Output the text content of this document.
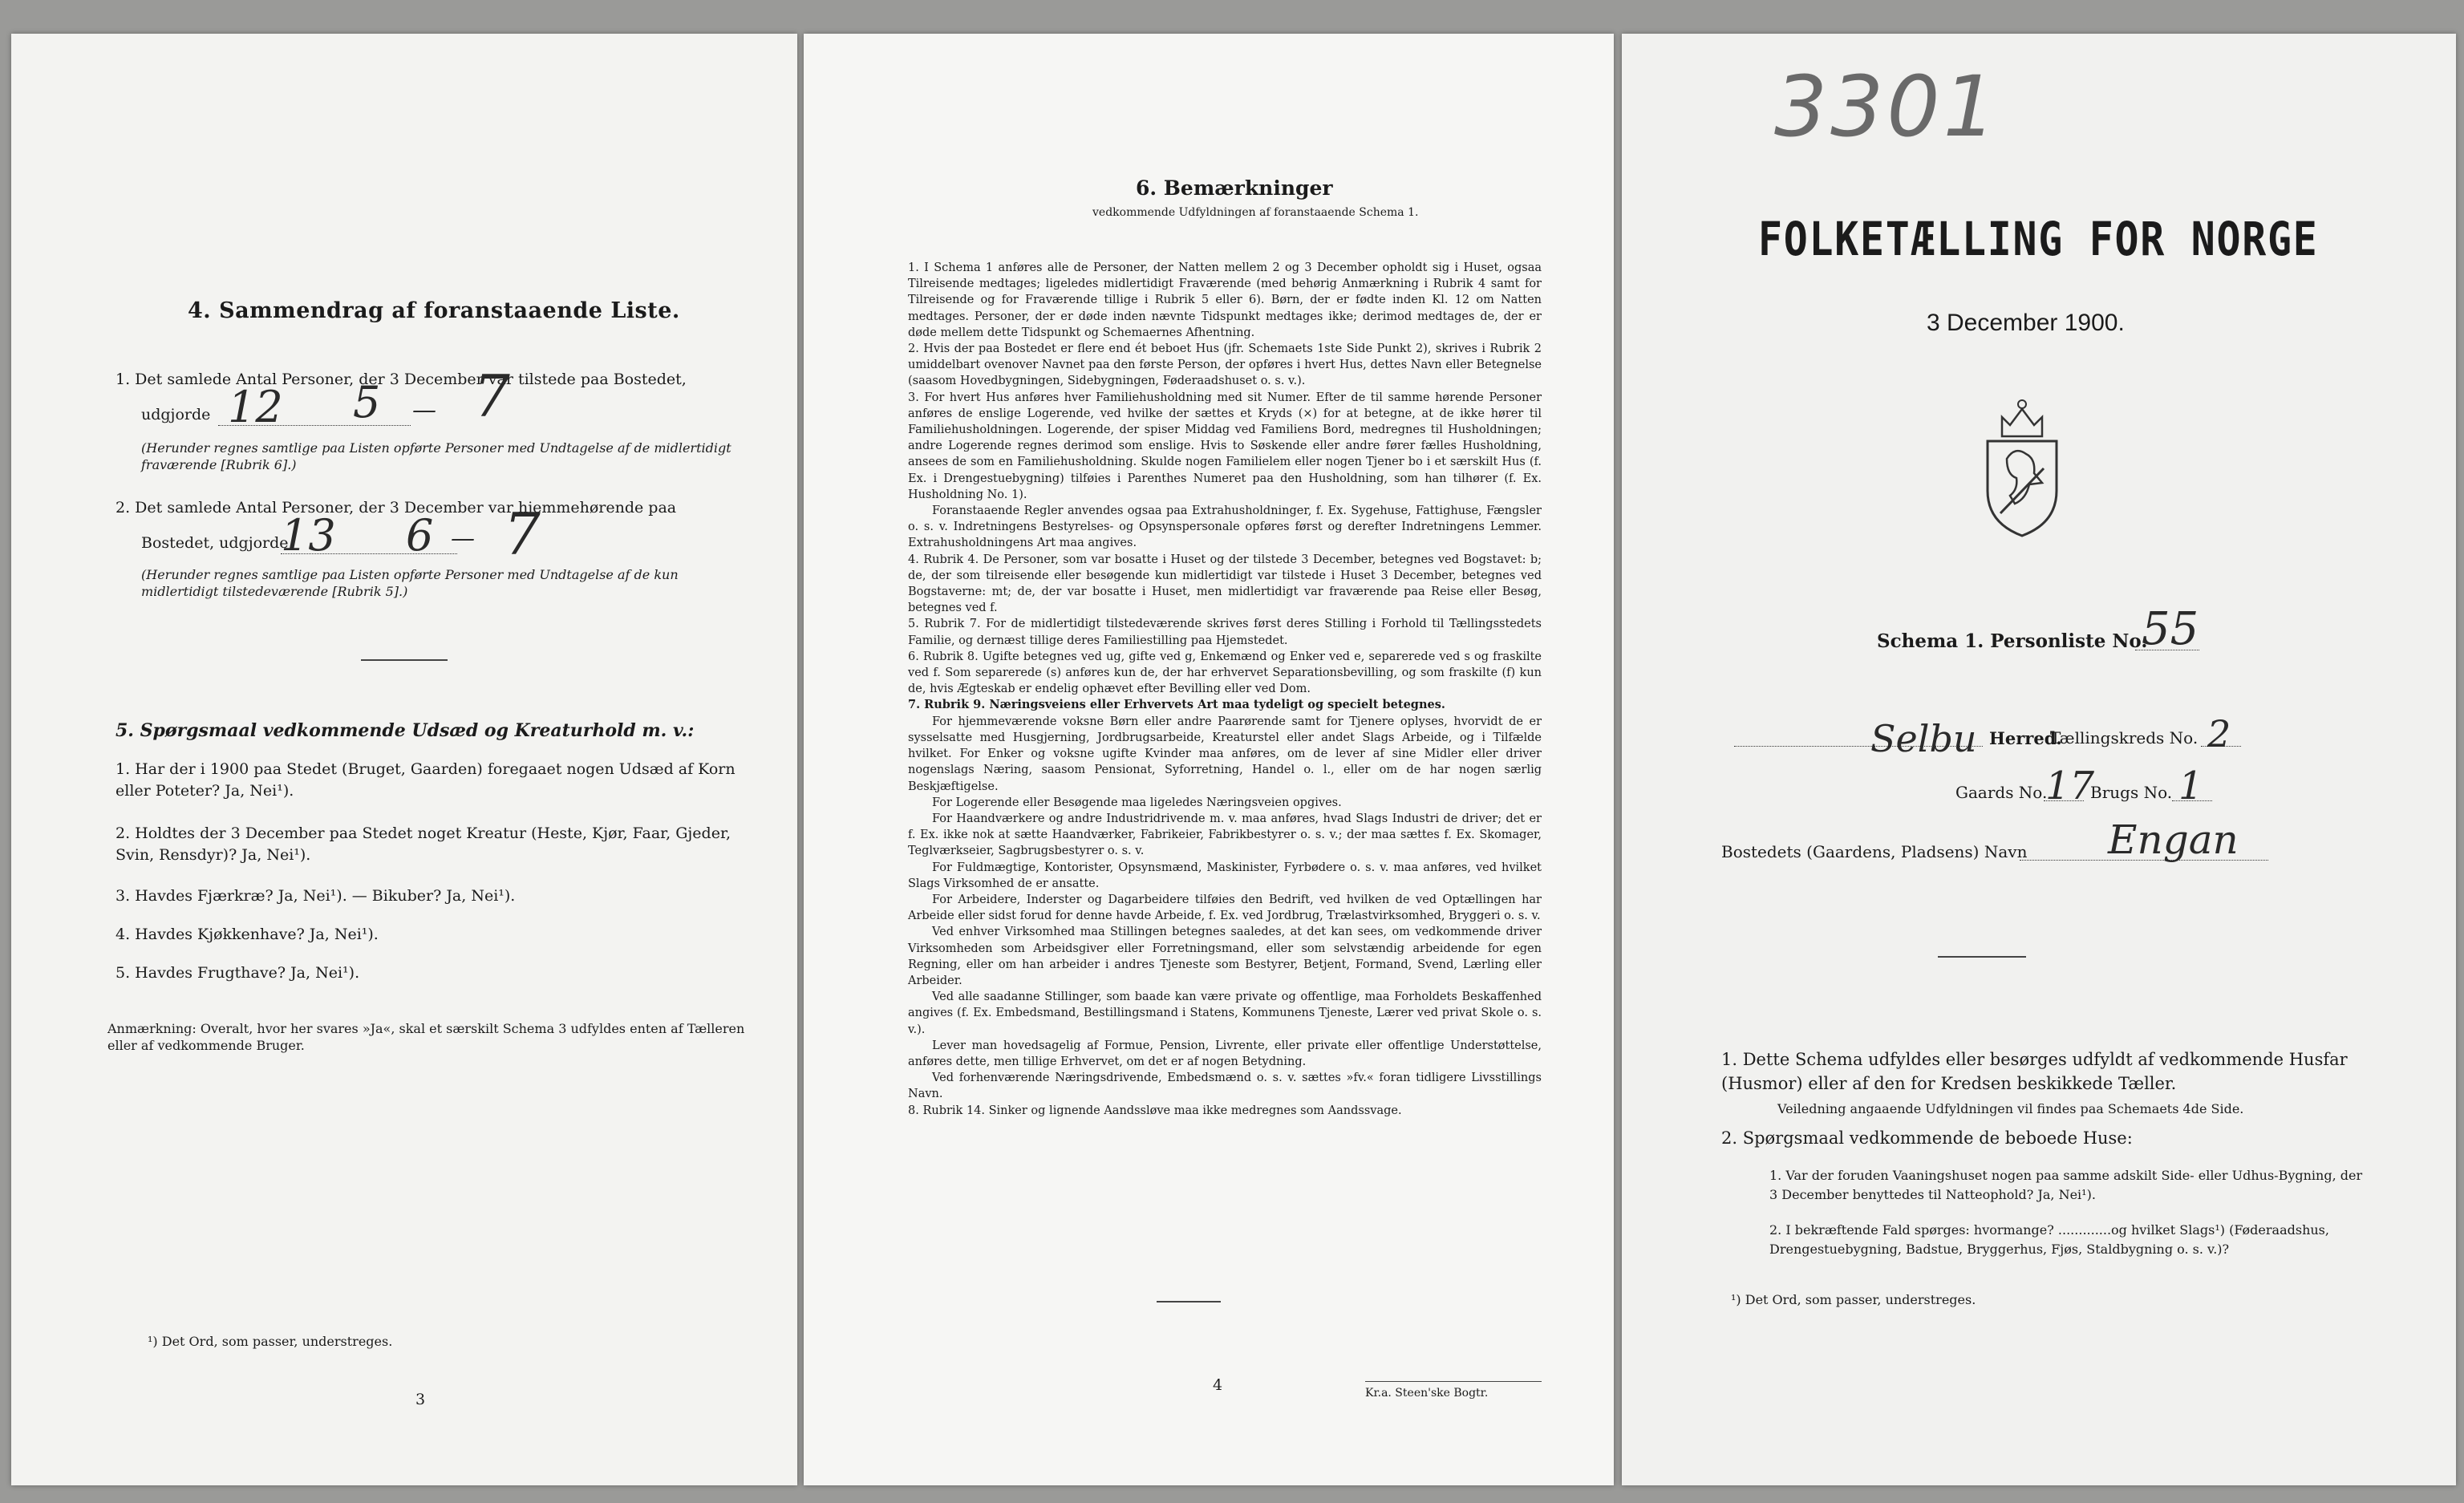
4. Sammendrag af foranstaaende Liste.
1. Det samlede Antal Personer, der 3 December var tilstede paa Bostedet,
udgjorde 12 5 — 7
(Herunder regnes samtlige paa Listen opførte Personer med Undtagelse af de midlertidigt fraværende [Rubrik 6].)
2. Det samlede Antal Personer, der 3 December var hjemmehørende paa
Bostedet, udgjorde
13 6 — 7
(Herunder regnes samtlige paa Listen opførte Personer med Undtagelse af de kun midlertidigt tilstedeværende [Rubrik 5].)
5. Spørgsmaal vedkommende Udsæd og Kreaturhold m. v.:
1. Har der i 1900 paa Stedet (Bruget, Gaarden) foregaaet nogen Udsæd af Korn eller Poteter? Ja, Nei¹).
2. Holdtes der 3 December paa Stedet noget Kreatur (Heste, Kjør, Faar, Gjeder, Svin, Rensdyr)? Ja, Nei¹).
3. Havdes Fjærkræ? Ja, Nei¹). — Bikuber? Ja, Nei¹).
4. Havdes Kjøkkenhave? Ja, Nei¹).
5. Havdes Frugthave? Ja, Nei¹).
Anmærkning: Overalt, hvor her svares »Ja«, skal et særskilt Schema 3 udfyldes enten af Tælleren eller af vedkommende Bruger.
¹) Det Ord, som passer, understreges.
3
6. Bemærkninger
vedkommende Udfyldningen af foranstaaende Schema 1.

1. I Schema 1 anføres alle de Personer, der Natten mellem 2 og 3 December opholdt sig i Huset, ogsaa Tilreisende medtages; ligeledes midlertidigt Fraværende (med behørig Anmærkning i Rubrik 4 samt for Tilreisende og for Fraværende tillige i Rubrik 5 eller 6). Børn, der er fødte inden Kl. 12 om Natten medtages. Personer, der er døde inden nævnte Tidspunkt medtages ikke; derimod medtages de, der er døde mellem dette Tidspunkt og Schemaernes Afhentning.

2. Hvis der paa Bostedet er flere end ét beboet Hus (jfr. Schemaets 1ste Side Punkt 2), skrives i Rubrik 2 umiddelbart ovenover Navnet paa den første Person, der opføres i hvert Hus, dettes Navn eller Betegnelse (saasom Hovedbygningen, Sidebygningen, Føderaadshuset o. s. v.).

3. For hvert Hus anføres hver Familiehusholdning med sit Numer. Efter de til samme hørende Personer anføres de enslige Logerende, ved hvilke der sættes et Kryds (×) for at betegne, at de ikke hører til Familiehusholdningen. Logerende, der spiser Middag ved Familiens Bord, medregnes til Husholdningen; andre Logerende regnes derimod som enslige. Hvis to Søskende eller andre fører fælles Husholdning, ansees de som en Familiehusholdning. Skulde nogen Familielem eller nogen Tjener bo i et særskilt Hus (f. Ex. i Drengestuebygning) tilføies i Parenthes Numeret paa den Husholdning, som han tilhører (f. Ex. Husholdning No. 1).

Foranstaaende Regler anvendes ogsaa paa Extrahusholdninger, f. Ex. Sygehuse, Fattighuse, Fængsler o. s. v. Indretningens Bestyrelses- og Opsynspersonale opføres først og derefter Indretningens Lemmer. Extrahusholdningens Art maa angives.

4. Rubrik 4. De Personer, som var bosatte i Huset og der tilstede 3 December, betegnes ved Bogstavet: b; de, der som tilreisende eller besøgende kun midlertidigt var tilstede i Huset 3 December, betegnes ved Bogstaverne: mt; de, der var bosatte i Huset, men midlertidigt var fraværende paa Reise eller Besøg, betegnes ved f.

5. Rubrik 7. For de midlertidigt tilstedeværende skrives først deres Stilling i Forhold til Tællingsstedets Familie, og dernæst tillige deres Familiestilling paa Hjemstedet.

6. Rubrik 8. Ugifte betegnes ved ug, gifte ved g, Enkemænd og Enker ved e, separerede ved s og fraskilte ved f. Som separerede (s) anføres kun de, der har erhvervet Separationsbevilling, og som fraskilte (f) kun de, hvis Ægteskab er endelig ophævet efter Bevilling eller ved Dom.

7. Rubrik 9. Næringsveiens eller Erhvervets Art maa tydeligt og specielt betegnes.

For hjemmeværende voksne Børn eller andre Paarørende samt for Tjenere oplyses, hvorvidt de er sysselsatte med Husgjerning, Jordbrugsarbeide, Kreaturstel eller andet Slags Arbeide, og i Tilfælde hvilket. For Enker og voksne ugifte Kvinder maa anføres, om de lever af sine Midler eller driver nogenslags Næring, saasom Pensionat, Syforretning, Handel o. l., eller om de har nogen særlig Beskjæftigelse.

For Logerende eller Besøgende maa ligeledes Næringsveien opgives.

For Haandværkere og andre Industridrivende m. v. maa anføres, hvad Slags Industri de driver; det er f. Ex. ikke nok at sætte Haandværker, Fabrikeier, Fabrikbestyrer o. s. v.; der maa sættes f. Ex. Skomager, Teglværkseier, Sagbrugsbestyrer o. s. v.

For Fuldmægtige, Kontorister, Opsynsmænd, Maskinister, Fyrbødere o. s. v. maa anføres, ved hvilket Slags Virksomhed de er ansatte.

For Arbeidere, Inderster og Dagarbeidere tilføies den Bedrift, ved hvilken de ved Optællingen har Arbeide eller sidst forud for denne havde Arbeide, f. Ex. ved Jordbrug, Trælastvirksomhed, Bryggeri o. s. v.

Ved enhver Virksomhed maa Stillingen betegnes saaledes, at det kan sees, om vedkommende driver Virksomheden som Arbeidsgiver eller Forretningsmand, eller som selvstændig arbeidende for egen Regning, eller om han arbeider i andres Tjeneste som Bestyrer, Betjent, Formand, Svend, Lærling eller Arbeider.

Ved alle saadanne Stillinger, som baade kan være private og offentlige, maa Forholdets Beskaffenhed angives (f. Ex. Embedsmand, Bestillingsmand i Statens, Kommunens Tjeneste, Lærer ved privat Skole o. s. v.).

Lever man hovedsagelig af Formue, Pension, Livrente, eller private eller offentlige Understøttelse, anføres dette, men tillige Erhvervet, om det er af nogen Betydning.

Ved forhenværende Næringsdrivende, Embedsmænd o. s. v. sættes »fv.« foran tidligere Livsstillings Navn.

8. Rubrik 14. Sinker og lignende Aandssløve maa ikke medregnes som Aandssvage.

4	Kr.a. Steen'ske Bogtr.
3301
FOLKETÆLLING FOR NORGE
3 December 1900.
Schema 1. Personliste No.
55
Selbu Herred.
Tællingskreds No. 2
Gaards No.
17
Brugs No. 1
Bostedets (Gaardens, Pladsens) Navn Engan
1. Dette Schema udfyldes eller besørges udfyldt af vedkommende Husfar (Husmor) eller af den for Kredsen beskikkede Tæller.
Veiledning angaaende Udfyldningen vil findes paa Schemaets 4de Side.
2. Spørgsmaal vedkommende de beboede Huse:
1. Var der foruden Vaaningshuset nogen paa samme adskilt Side- eller Udhus-Bygning, der 3 December benyttedes til Natteophold? Ja, Nei¹).
2. I bekræftende Fald spørges: hvormange? .............og hvilket Slags¹) (Føderaadshus, Drengestuebygning, Badstue, Bryggerhus, Fjøs, Staldbygning o. s. v.)?
¹) Det Ord, som passer, understreges.
